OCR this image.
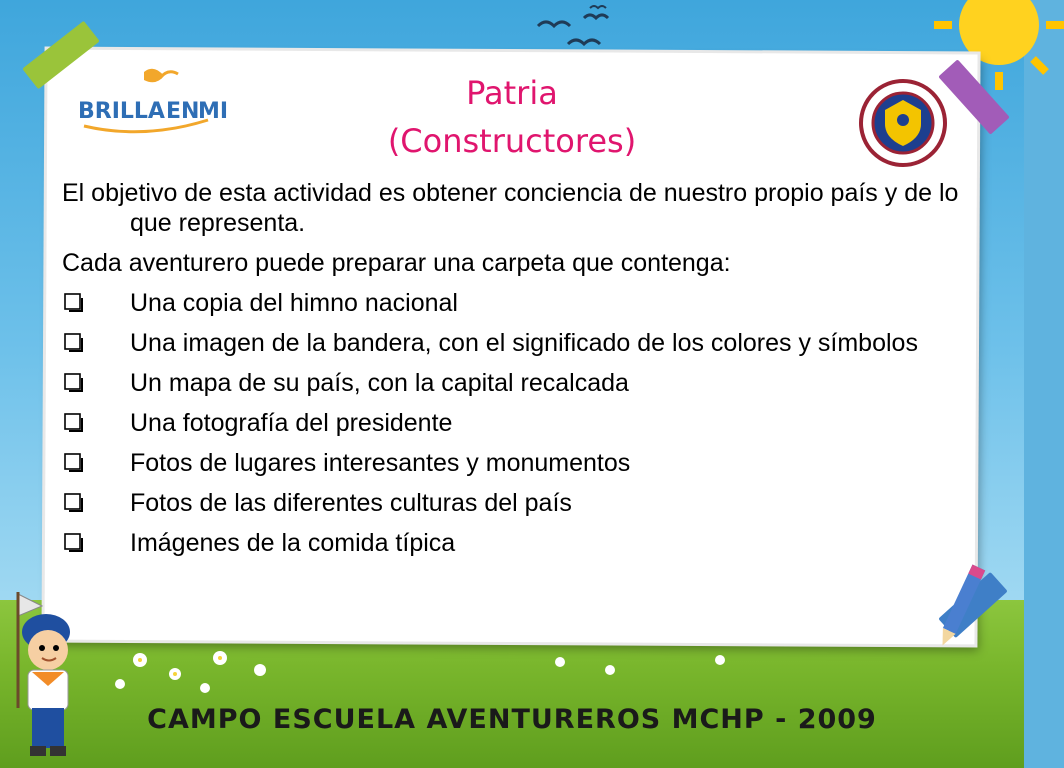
BRILLA EN
MI	Patria
(Constructores)

El objetivo de esta actividad es obtener conciencia de nuestro propio país y de lo que representa.

Cada aventurero puede preparar una carpeta que contenga:

Una copia del himno nacional
Una imagen de la bandera, con el significado de los colores y símbolos
Un mapa de su país, con la capital recalcada
Una fotografía del presidente
Fotos de lugares interesantes y monumentos
Fotos de las diferentes culturas del país
Imágenes de la comida típica
CAMPO ESCUELA AVENTUREROS MCHP - 2009
